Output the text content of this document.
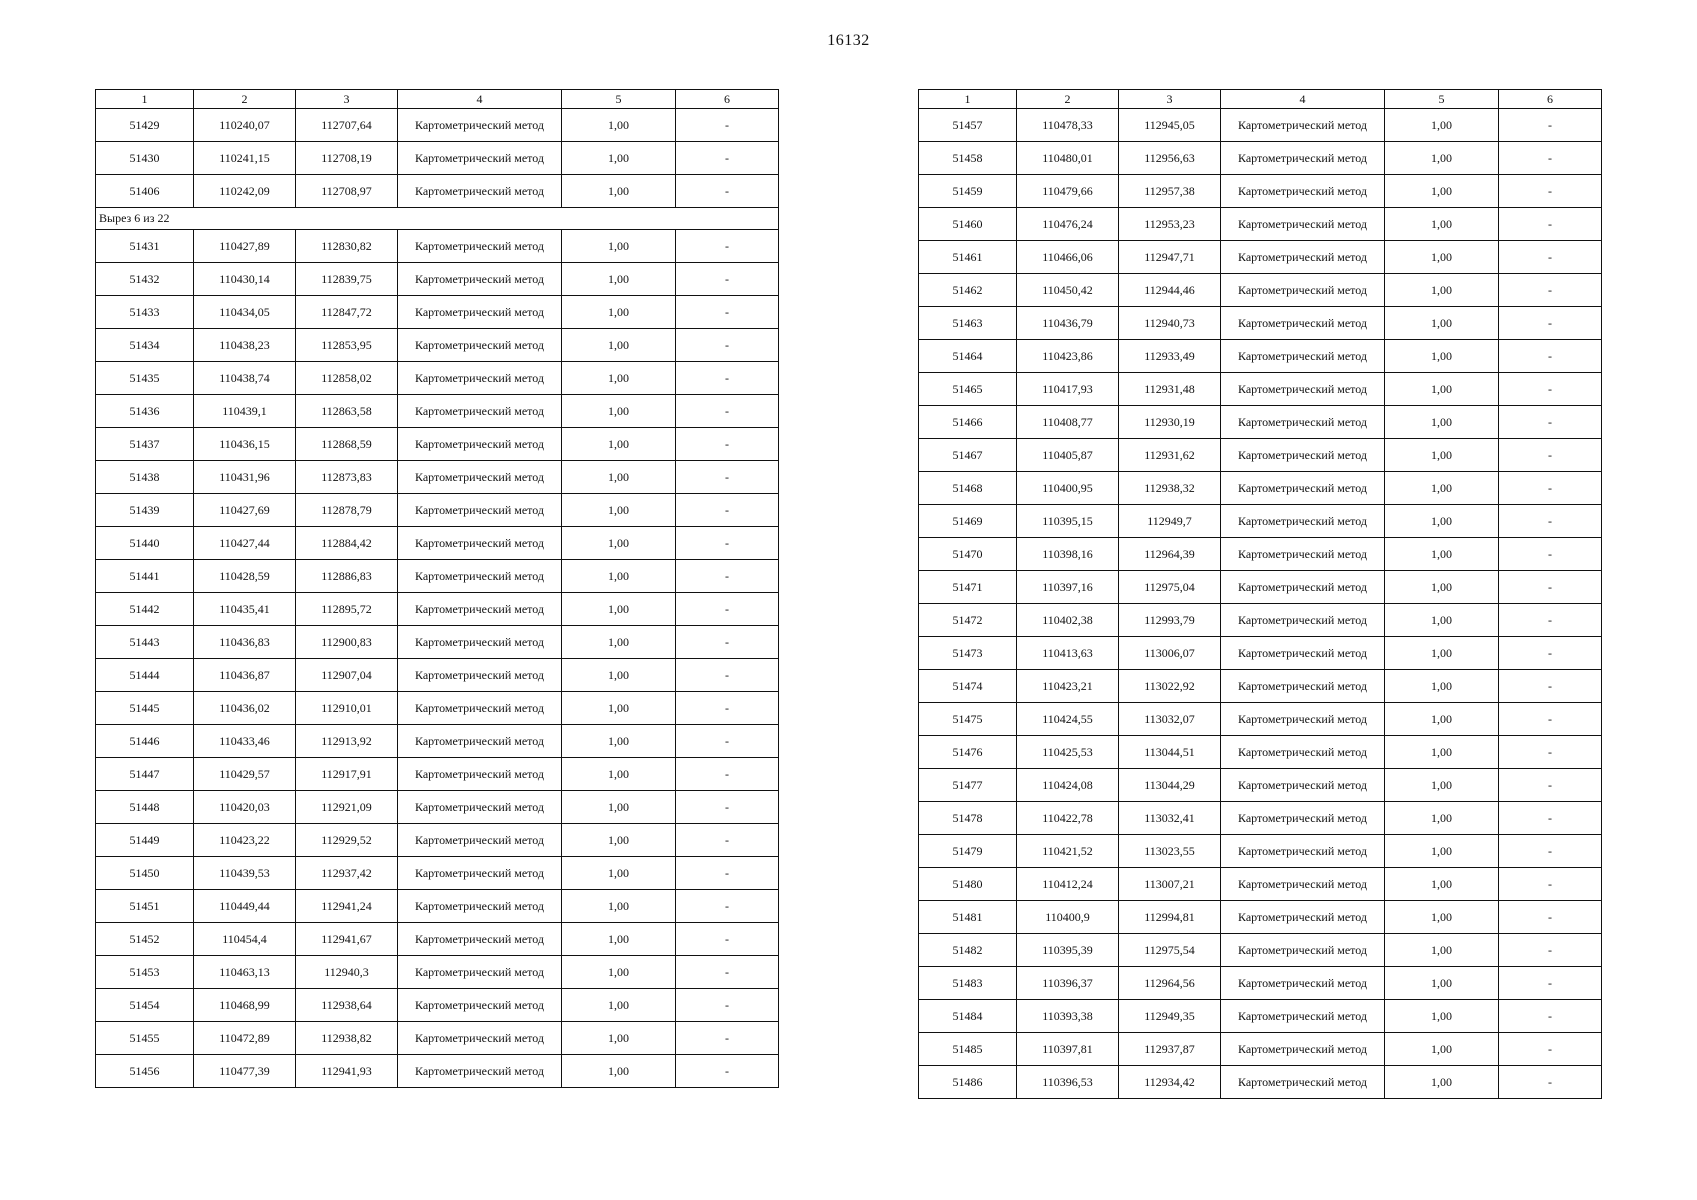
16132
1	2	3	4	5	6
51429	110240,07	112707,64	Картометрический метод	1,00	-
51430	110241,15	112708,19	Картометрический метод	1,00	-
51406	110242,09	112708,97	Картометрический метод	1,00	-
Вырез 6 из 22					
51431	110427,89	112830,82	Картометрический метод	1,00	-
51432	110430,14	112839,75	Картометрический метод	1,00	-
51433	110434,05	112847,72	Картометрический метод	1,00	-
51434	110438,23	112853,95	Картометрический метод	1,00	-
51435	110438,74	112858,02	Картометрический метод	1,00	-
51436	110439,1	112863,58	Картометрический метод	1,00	-
51437	110436,15	112868,59	Картометрический метод	1,00	-
51438	110431,96	112873,83	Картометрический метод	1,00	-
51439	110427,69	112878,79	Картометрический метод	1,00	-
51440	110427,44	112884,42	Картометрический метод	1,00	-
51441	110428,59	112886,83	Картометрический метод	1,00	-
51442	110435,41	112895,72	Картометрический метод	1,00	-
51443	110436,83	112900,83	Картометрический метод	1,00	-
51444	110436,87	112907,04	Картометрический метод	1,00	-
51445	110436,02	112910,01	Картометрический метод	1,00	-
51446	110433,46	112913,92	Картометрический метод	1,00	-
51447	110429,57	112917,91	Картометрический метод	1,00	-
51448	110420,03	112921,09	Картометрический метод	1,00	-
51449	110423,22	112929,52	Картометрический метод	1,00	-
51450	110439,53	112937,42	Картометрический метод	1,00	-
51451	110449,44	112941,24	Картометрический метод	1,00	-
51452	110454,4	112941,67	Картометрический метод	1,00	-
51453	110463,13	112940,3	Картометрический метод	1,00	-
51454	110468,99	112938,64	Картометрический метод	1,00	-
51455	110472,89	112938,82	Картометрический метод	1,00	-
51456	110477,39	112941,93	Картометрический метод	1,00	-
1	2	3	4	5	6
51457	110478,33	112945,05	Картометрический метод	1,00	-
51458	110480,01	112956,63	Картометрический метод	1,00	-
51459	110479,66	112957,38	Картометрический метод	1,00	-
51460	110476,24	112953,23	Картометрический метод	1,00	-
51461	110466,06	112947,71	Картометрический метод	1,00	-
51462	110450,42	112944,46	Картометрический метод	1,00	-
51463	110436,79	112940,73	Картометрический метод	1,00	-
51464	110423,86	112933,49	Картометрический метод	1,00	-
51465	110417,93	112931,48	Картометрический метод	1,00	-
51466	110408,77	112930,19	Картометрический метод	1,00	-
51467	110405,87	112931,62	Картометрический метод	1,00	-
51468	110400,95	112938,32	Картометрический метод	1,00	-
51469	110395,15	112949,7	Картометрический метод	1,00	-
51470	110398,16	112964,39	Картометрический метод	1,00	-
51471	110397,16	112975,04	Картометрический метод	1,00	-
51472	110402,38	112993,79	Картометрический метод	1,00	-
51473	110413,63	113006,07	Картометрический метод	1,00	-
51474	110423,21	113022,92	Картометрический метод	1,00	-
51475	110424,55	113032,07	Картометрический метод	1,00	-
51476	110425,53	113044,51	Картометрический метод	1,00	-
51477	110424,08	113044,29	Картометрический метод	1,00	-
51478	110422,78	113032,41	Картометрический метод	1,00	-
51479	110421,52	113023,55	Картометрический метод	1,00	-
51480	110412,24	113007,21	Картометрический метод	1,00	-
51481	110400,9	112994,81	Картометрический метод	1,00	-
51482	110395,39	112975,54	Картометрический метод	1,00	-
51483	110396,37	112964,56	Картометрический метод	1,00	-
51484	110393,38	112949,35	Картометрический метод	1,00	-
51485	110397,81	112937,87	Картометрический метод	1,00	-
51486	110396,53	112934,42	Картометрический метод	1,00	-
